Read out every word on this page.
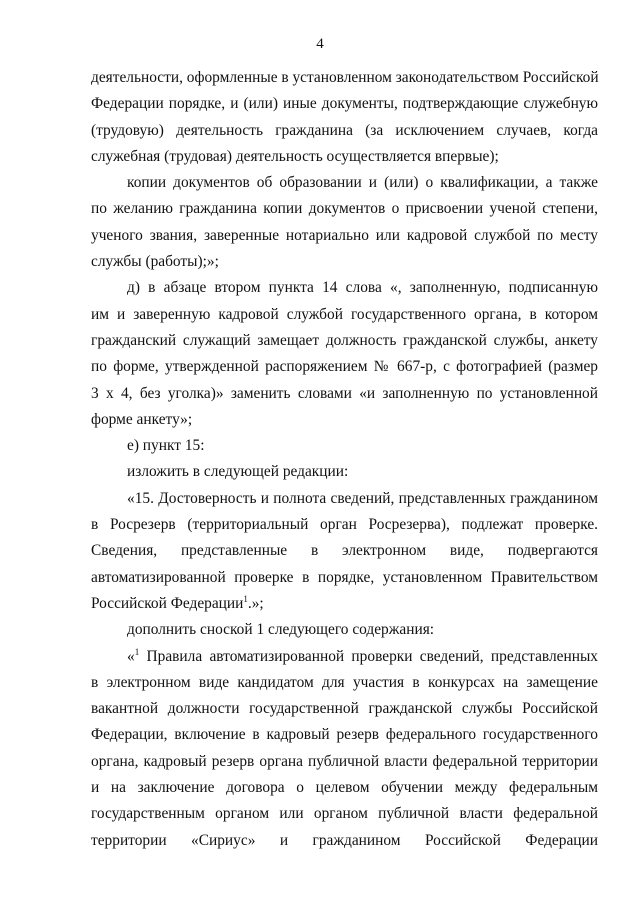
4
деятельности, оформленные в установленном законодательством Российской
Федерации порядке, и (или) иные документы, подтверждающие служебную
(трудовую) деятельность гражданина (за исключением случаев, когда
служебная (трудовая) деятельность осуществляется впервые);
копии документов об образовании и (или) о квалификации, а также
по желанию гражданина копии документов о присвоении ученой степени,
ученого звания, заверенные нотариально или кадровой службой по месту
службы (работы);»;
д) в абзаце втором пункта 14 слова «, заполненную, подписанную
им и заверенную кадровой службой государственного органа, в котором
гражданский служащий замещает должность гражданской службы, анкету
по форме, утвержденной распоряжением № 667-р, с фотографией (размер
3 х 4, без уголка)» заменить словами «и заполненную по установленной
форме анкету»;
е) пункт 15:
изложить в следующей редакции:
«15. Достоверность и полнота сведений, представленных гражданином
в Росрезерв (территориальный орган Росрезерва), подлежат проверке.
Сведения, представленные в электронном виде, подвергаются
автоматизированной проверке в порядке, установленном Правительством
Российской Федерации$^1$.»;
дополнить сноской 1 следующего содержания:
«$^1$ Правила автоматизированной проверки сведений, представленных
в электронном виде кандидатом для участия в конкурсах на замещение
вакантной должности государственной гражданской службы Российской
Федерации, включение в кадровый резерв федерального государственного
органа, кадровый резерв органа публичной власти федеральной территории
и на заключение договора о целевом обучении между федеральным
государственным органом или органом публичной власти федеральной
территории «Сириус» и гражданином Российской Федерации
